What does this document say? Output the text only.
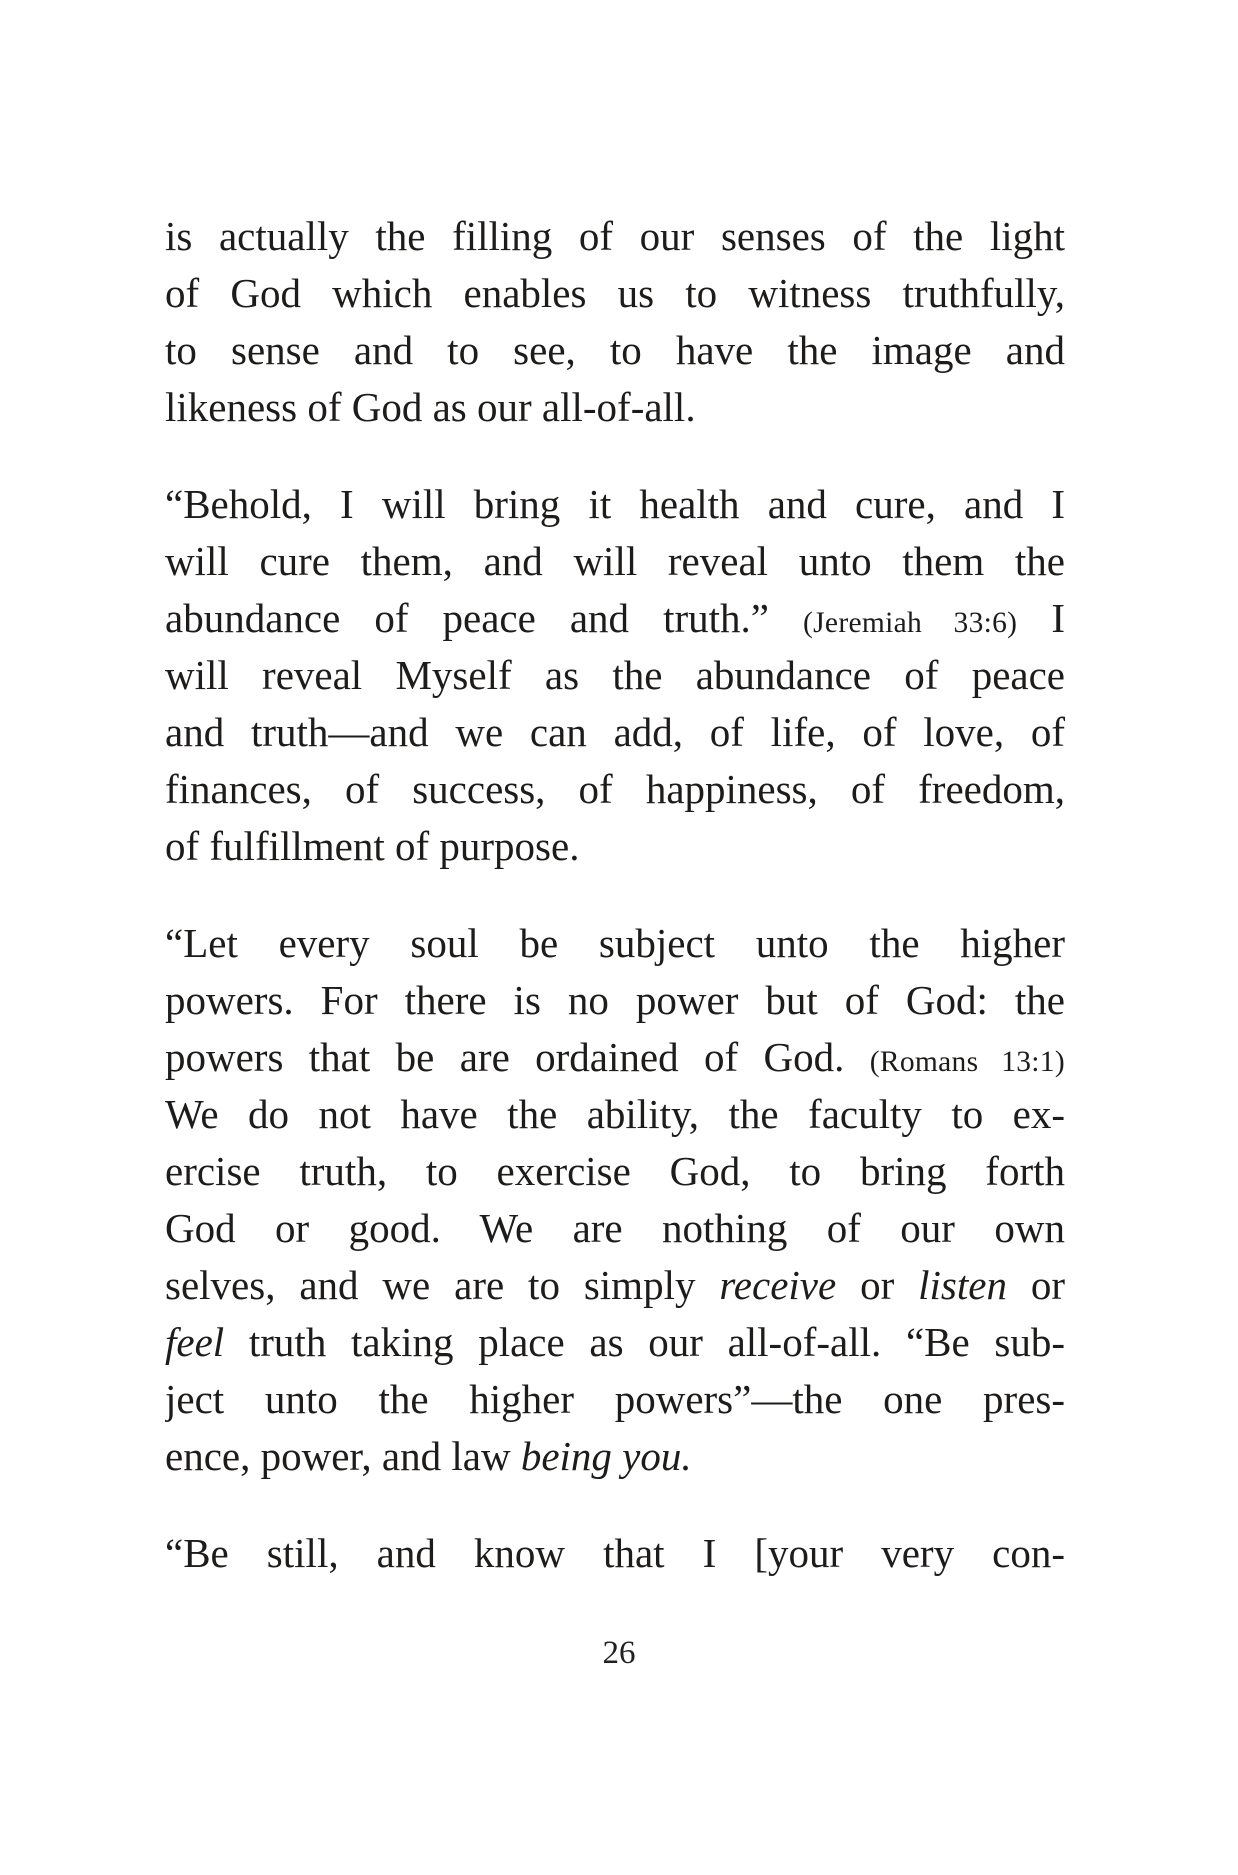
is actually the filling of our senses of the light
of God which enables us to witness truthfully,
to sense and to see, to have the image and
likeness of God as our all-of-all.
“Behold, I will bring it health and cure, and I
will cure them, and will reveal unto them the
abundance of peace and truth.” (Jeremiah 33:6) I
will reveal Myself as the abundance of peace
and truth—and we can add, of life, of love, of
finances, of success, of happiness, of freedom,
of fulfillment of purpose.
“Let every soul be subject unto the higher
powers. For there is no power but of God: the
powers that be are ordained of God. (Romans 13:1)
We do not have the ability, the faculty to ex-
ercise truth, to exercise God, to bring forth
God or good. We are nothing of our own
selves, and we are to simply receive or listen or
feel truth taking place as our all-of-all. “Be sub-
ject unto the higher powers”—the one pres-
ence, power, and law being you.
“Be still, and know that I [your very con-
26
